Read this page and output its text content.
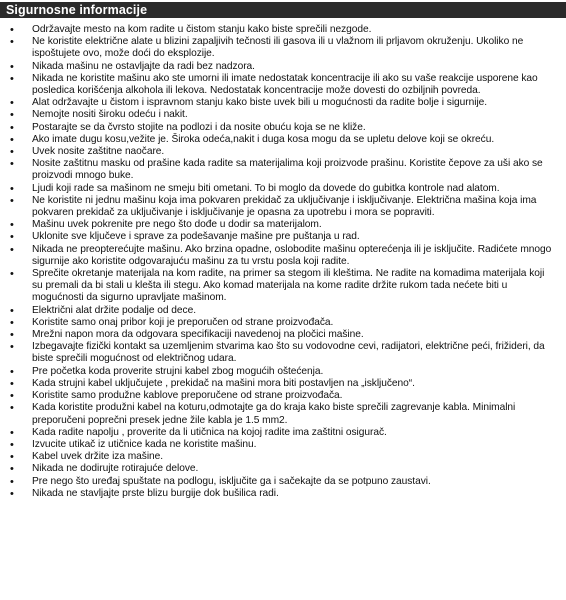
Sigurnosne informacije
• Održavajte mesto na kom radite u čistom stanju kako biste sprečili nezgode.
• Ne koristite električne alate u blizini zapaljivih tečnosti ili gasova ili u vlažnom ili prljavom okruženju. Ukoliko ne ispoštujete ovo, može doći do eksplozije.
• Nikada mašinu ne ostavljajte da radi bez nadzora.
• Nikada ne koristite mašinu ako ste umorni ili imate nedostatak koncentracije ili ako su vaše reakcije usporene kao posledica korišćenja alkohola ili lekova. Nedostatak koncentracije može dovesti do ozbiljnih povreda.
• Alat održavajte u čistom i ispravnom stanju kako biste uvek bili u mogućnosti da radite bolje i sigurnije.
• Nemojte nositi široku odeću i nakit.
• Postarajte se da čvrsto stojite na podlozi i da nosite obuću koja se ne kliže.
• Ako imate dugu kosu,vežite je. Široka odeća,nakit i duga kosa mogu da se upletu delove koji se okreću.
• Uvek nosite zaštitne naočare.
• Nosite zaštitnu masku od prašine kada radite sa materijalima koji proizvode prašinu. Koristite čepove za uši ako se proizvodi mnogo buke.
• Ljudi koji rade sa mašinom ne smeju biti ometani. To bi moglo da dovede do gubitka kontrole nad alatom.
• Ne koristite ni jednu mašinu koja ima pokvaren prekidač za uključivanje i isključivanje. Električna mašina koja ima pokvaren prekidač za uključivanje i isključivanje je opasna za upotrebu i mora se popraviti.
• Mašinu uvek pokrenite pre nego što dođe u dodir sa materijalom.
• Uklonite sve ključeve i sprave za podešavanje mašine pre puštanja u rad.
• Nikada ne preopterećujte mašinu. Ako brzina opadne, oslobodite mašinu opterećenja ili je isključite. Radićete mnogo sigurnije ako koristite odgovarajuću mašinu za tu vrstu posla koji radite.
• Sprečite okretanje materijala na kom radite, na primer sa stegom ili kleštima. Ne radite na komadima materijala koji su premali da bi stali u klešta ili stegu. Ako komad materijala na kome radite držite rukom tada nećete biti u mogućnosti da sigurno upravljate mašinom.
• Električni alat držite podalje od dece.
• Koristite samo onaj pribor koji je preporučen od strane proizvođača.
• Mrežni napon mora da odgovara specifikaciji navedenoj na pločici mašine.
• Izbegavajte fizički kontakt sa uzemljenim stvarima kao što su vodovodne cevi, radijatori, električne peći, frižideri, da biste sprečili mogućnost od električnog udara.
• Pre početka koda proverite strujni kabel zbog mogućih oštećenja.
• Kada strujni kabel uključujete , prekidač na mašini mora biti postavljen na „isključeno“.
• Koristite samo produžne kablove preporučene od strane proizvođača.
• Kada koristite produžni kabel na koturu,odmotajte ga do kraja kako biste sprečili zagrevanje kabla. Minimalni preporučeni poprečni presek jedne žile kabla je 1.5 mm2.
• Kada radite napolju , proverite da li utičnica na kojoj radite ima zaštitni osigurač.
• Izvucite utikač iz utičnice kada ne koristite mašinu.
• Kabel uvek držite iza mašine.
• Nikada ne dodirujte rotirajuće delove.
• Pre nego što uređaj spuštate na podlogu, isključite ga i sačekajte da se potpuno zaustavi.
• Nikada ne stavljajte prste blizu burgije dok bušilica radi.
